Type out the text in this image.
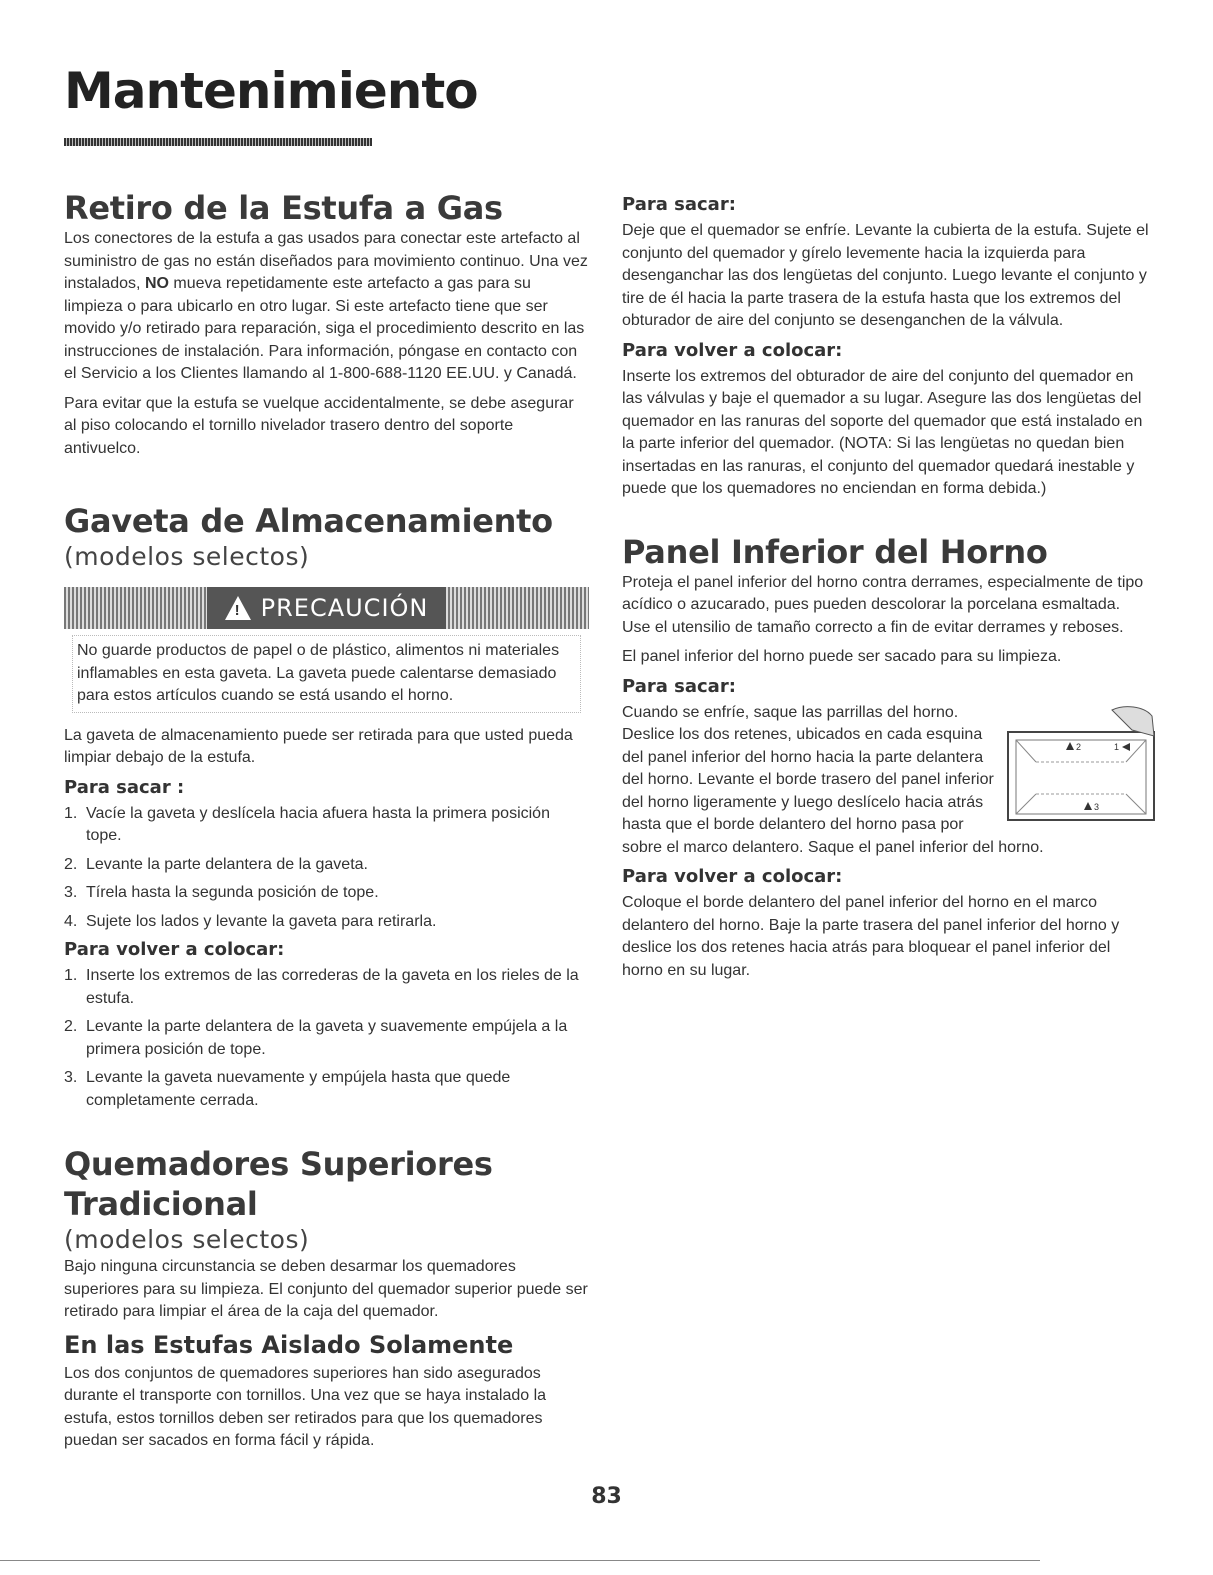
Mantenimiento
Retiro de la Estufa a Gas

Los conectores de la estufa a gas usados para conectar este artefacto al suministro de gas no están diseñados para movimiento continuo. Una vez instalados, NO mueva repetidamente este artefacto a gas para su limpieza o para ubicarlo en otro lugar. Si este artefacto tiene que ser movido y/o retirado para reparación, siga el procedimiento descrito en las instrucciones de instalación. Para información, póngase en contacto con el Servicio a los Clientes llamando al 1-800-688-1120 EE.UU. y Canadá.

Para evitar que la estufa se vuelque accidentalmente, se debe asegurar al piso colocando el tornillo nivelador trasero dentro del soporte antivuelco.

Gaveta de Almacenamiento

(modelos selectos)

! PRECAUCIÓN

No guarde productos de papel o de plástico, alimentos ni materiales inflamables en esta gaveta. La gaveta puede calentarse demasiado para estos artículos cuando se está usando el horno.

La gaveta de almacenamiento puede ser retirada para que usted pueda limpiar debajo de la estufa.

Para sacar :
1. Vacíe la gaveta y deslícela hacia afuera hasta la primera posición tope.
2. Levante la parte delantera de la gaveta.
3. Tírela hasta la segunda posición de tope.
4. Sujete los lados y levante la gaveta para retirarla.
Para volver a colocar:
1. Inserte los extremos de las correderas de la gaveta en los rieles de la estufa.
2. Levante la parte delantera de la gaveta y suavemente empújela a la primera posición de tope.
3. Levante la gaveta nuevamente y empújela hasta que quede completamente cerrada.
Quemadores Superiores
Tradicional

(modelos selectos)

Bajo ninguna circunstancia se deben desarmar los quemadores superiores para su limpieza. El conjunto del quemador superior puede ser retirado para limpiar el área de la caja del quemador.

En las Estufas Aislado Solamente

Los dos conjuntos de quemadores superiores han sido asegurados durante el transporte con tornillos. Una vez que se haya instalado la estufa, estos tornillos deben ser retirados para que los quemadores puedan ser sacados en forma fácil y rápida.

Para sacar:

Deje que el quemador se enfríe. Levante la cubierta de la estufa. Sujete el conjunto del quemador y gírelo levemente hacia la izquierda para desenganchar las dos lengüetas del conjunto. Luego levante el conjunto y tire de él hacia la parte trasera de la estufa hasta que los extremos del obturador de aire del conjunto se desenganchen de la válvula.

Para volver a colocar:

Inserte los extremos del obturador de aire del conjunto del quemador en las válvulas y baje el quemador a su lugar. Asegure las dos lengüetas del quemador en las ranuras del soporte del quemador que está instalado en la parte inferior del quemador. (NOTA: Si las lengüetas no quedan bien insertadas en las ranuras, el conjunto del quemador quedará inestable y puede que los quemadores no enciendan en forma debida.)

Panel Inferior del Horno

Proteja el panel inferior del horno contra derrames, especialmente de tipo acídico o azucarado, pues pueden descolorar la porcelana esmaltada. Use el utensilio de tamaño correcto a fin de evitar derrames y reboses.

El panel inferior del horno puede ser sacado para su limpieza.

Para sacar:
2	1
3

Cuando se enfríe, saque las parrillas del horno. Deslice los dos retenes, ubicados en cada esquina del panel inferior del horno hacia la parte delantera del horno. Levante el borde trasero del panel inferior del horno ligeramente y luego deslícelo hacia atrás hasta que el borde delantero del horno pasa por sobre el marco delantero. Saque el panel inferior del horno.

Para volver a colocar:

Coloque el borde delantero del panel inferior del horno en el marco delantero del horno. Baje la parte trasera del panel inferior del horno y deslice los dos retenes hacia atrás para bloquear el panel inferior del horno en su lugar.

83
